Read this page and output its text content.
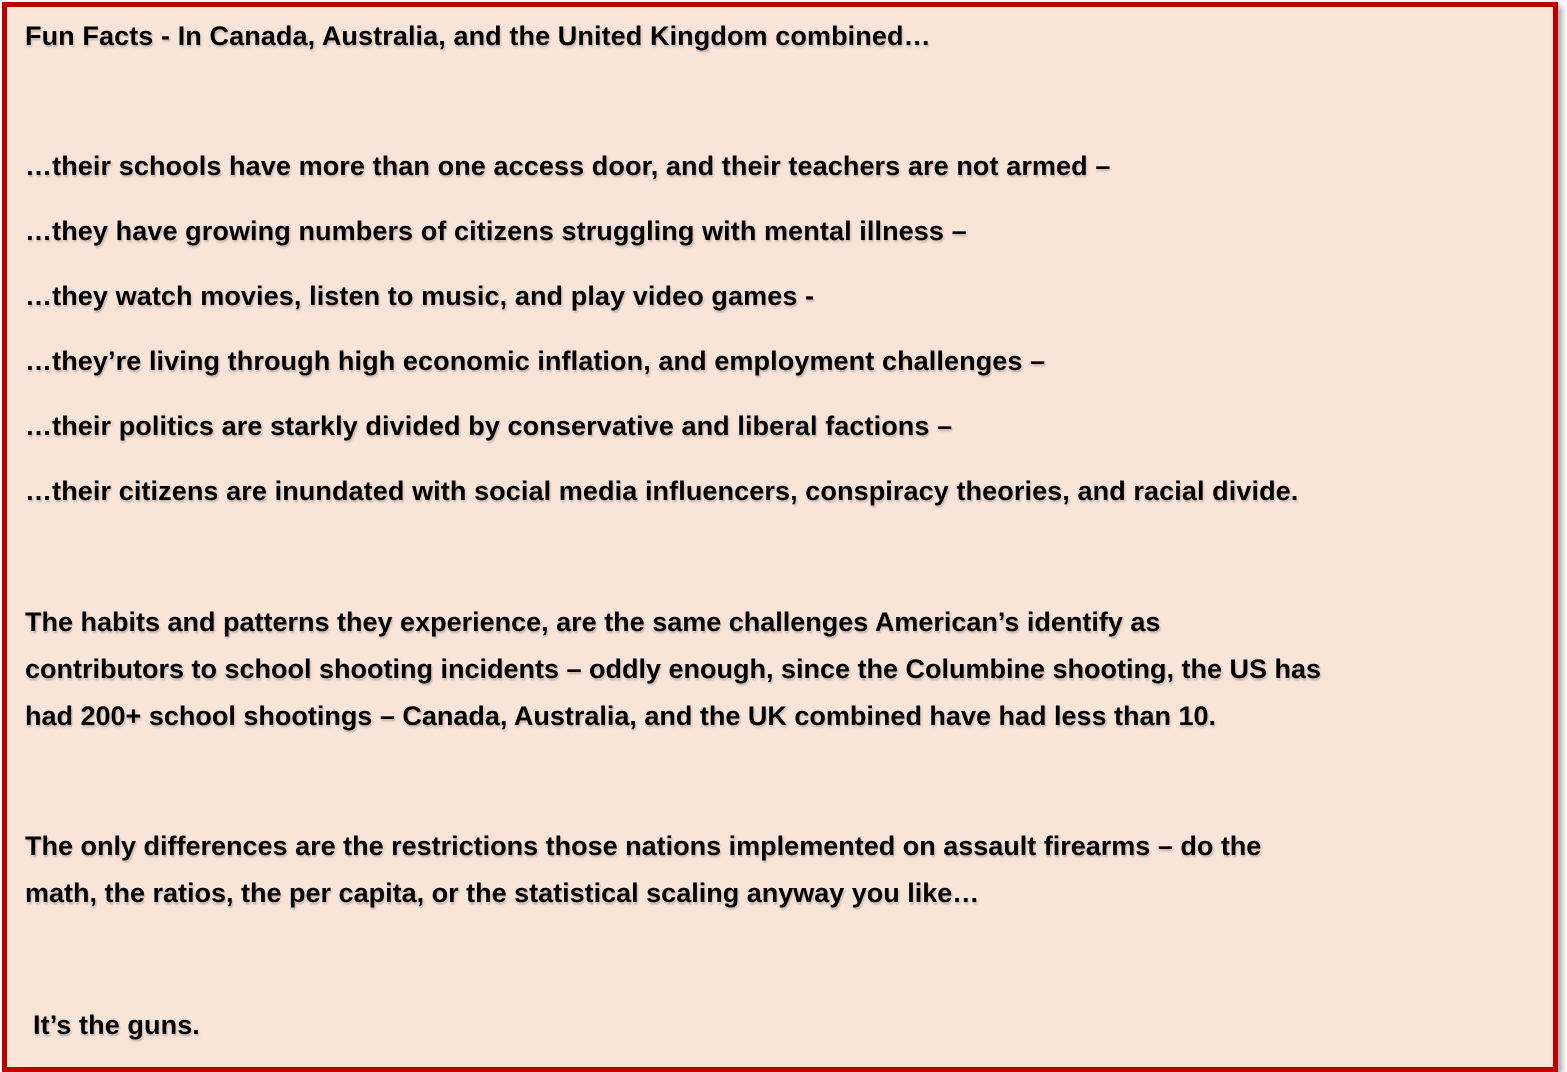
Fun Facts - In Canada, Australia, and the United Kingdom combined…

…their schools have more than one access door, and their teachers are not armed –

…they have growing numbers of citizens struggling with mental illness –

…they watch movies, listen to music, and play video games -

…they’re living through high economic inflation, and employment challenges –

…their politics are starkly divided by conservative and liberal factions –

…their citizens are inundated with social media influencers, conspiracy theories, and racial divide.

The habits and patterns they experience, are the same challenges American’s identify as
contributors to school shooting incidents – oddly enough, since the Columbine shooting, the US has
had 200+ school shootings – Canada, Australia, and the UK combined have had less than 10.
The only differences are the restrictions those nations implemented on assault firearms – do the
math, the ratios, the per capita, or the statistical scaling anyway you like…

It’s the guns.
